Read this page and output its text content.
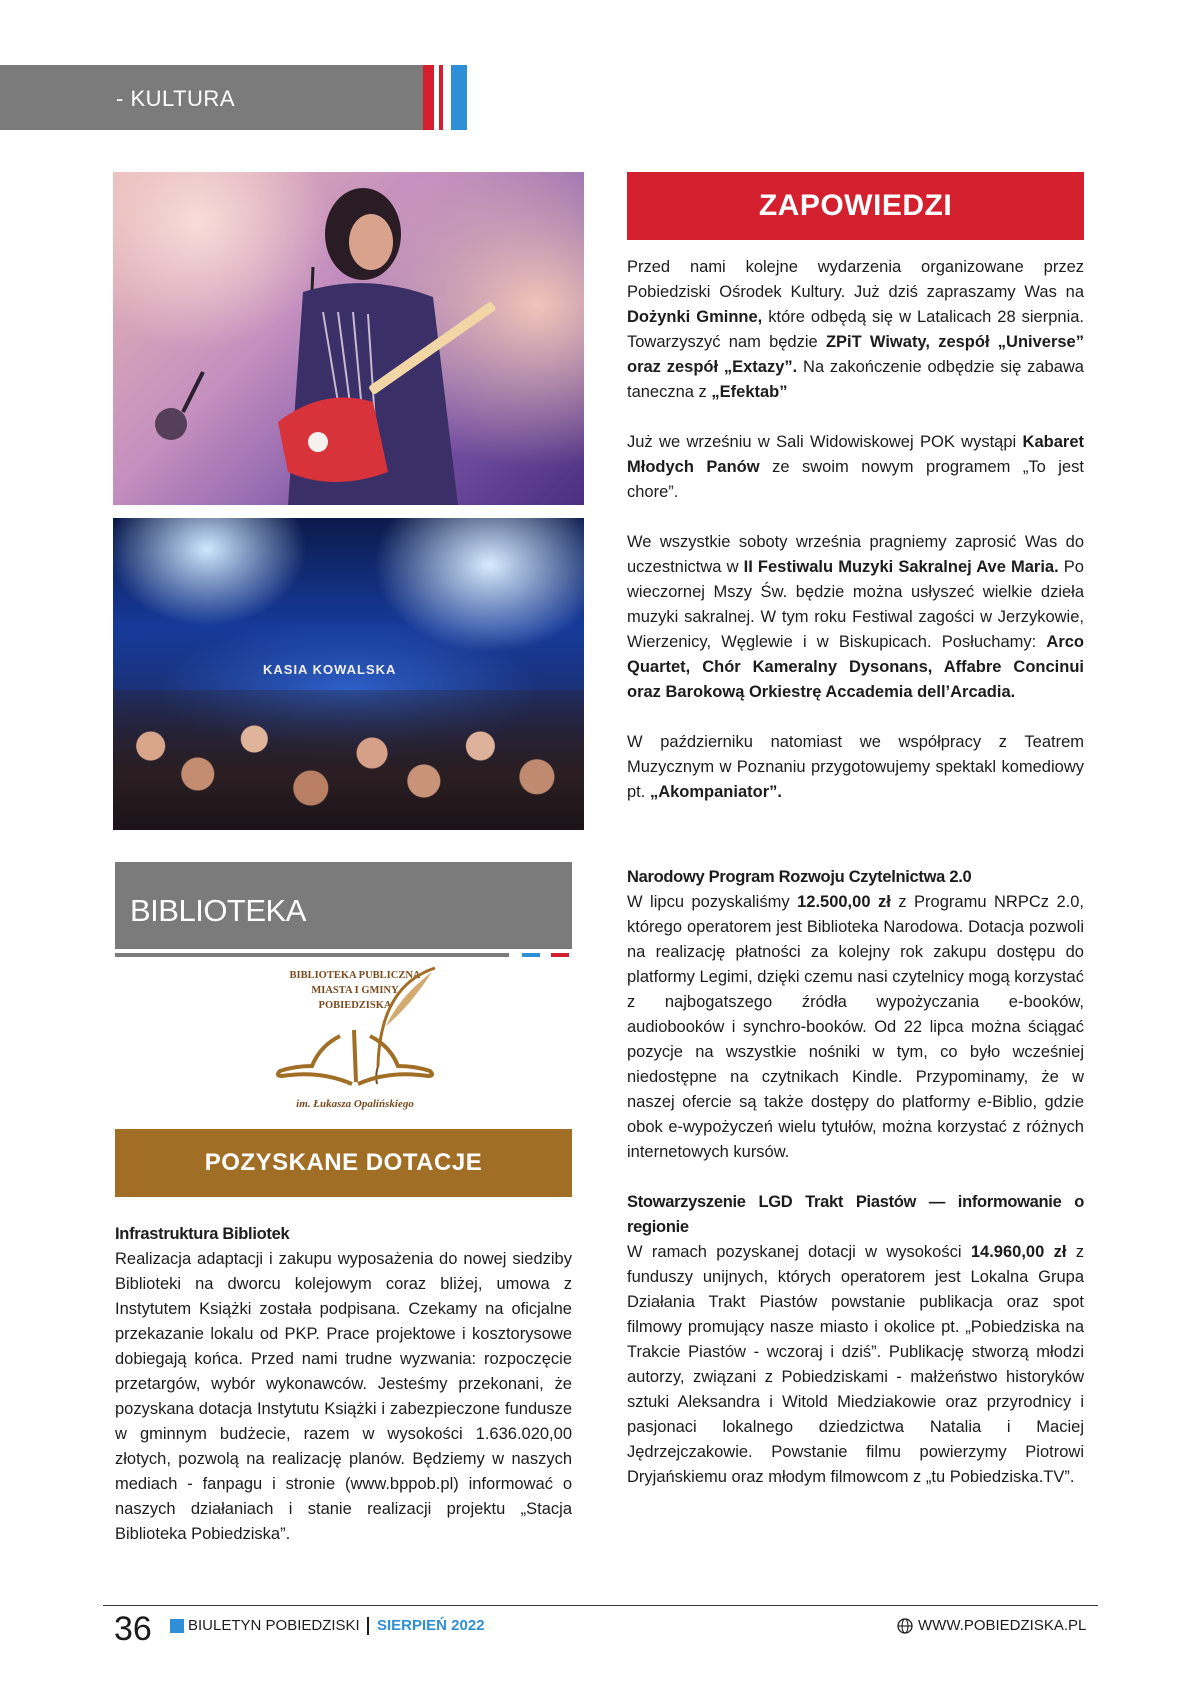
- KULTURA
KASIA KOWALSKA
ZAPOWIEDZI

Przed nami kolejne wydarzenia organizowane przez Pobiedziski Ośrodek Kultury. Już dziś zapraszamy Was na Dożynki Gminne, które odbędą się w Latalicach 28 sierpnia. Towarzyszyć nam będzie ZPiT Wiwaty, zespół „Universe” oraz zespół „Extazy”. Na zakończenie odbędzie się zabawa taneczna z „Efektab”

Już we wrześniu w Sali Widowiskowej POK wystąpi Kabaret Młodych Panów ze swoim nowym programem „To jest chore”.

We wszystkie soboty września pragniemy zaprosić Was do uczestnictwa w II Festiwalu Muzyki Sakralnej Ave Maria. Po wieczornej Mszy Św. będzie można usłyszeć wielkie dzieła muzyki sakralnej. W tym roku Festiwal zagości w Jerzykowie, Wierzenicy, Węglewie i w Biskupicach. Posłuchamy: Arco Quartet, Chór Kameralny Dysonans, Affabre Concinui oraz Barokową Orkiestrę Accademia dell’Arcadia.

W październiku natomiast we współpracy z Teatrem Muzycznym w Poznaniu przygotowujemy spektakl komediowy pt. „Akompaniator”.

BIBLIOTEKA
BIBLIOTEKA PUBLICZNA
MIASTA I GMINY
POBIEDZISKA
im. Łukasza Opalińskiego
POZYSKANE DOTACJE

Infrastruktura Bibliotek

Realizacja adaptacji i zakupu wyposażenia do nowej siedziby Biblioteki na dworcu kolejowym coraz bliżej, umowa z Instytutem Książki została podpisana. Czekamy na oficjalne przekazanie lokalu od PKP. Prace projektowe i kosztorysowe dobiegają końca. Przed nami trudne wyzwania: rozpoczęcie przetargów, wybór wykonawców. Jesteśmy przekonani, że pozyskana dotacja Instytutu Książki i zabezpieczone fundusze w gminnym budżecie, razem w wysokości 1.636.020,00 złotych, pozwolą na realizację planów. Będziemy w naszych mediach - fanpagu i stronie (www.bppob.pl) informować o naszych działaniach i stanie realizacji projektu „Stacja Biblioteka Pobiedziska”.

Narodowy Program Rozwoju Czytelnictwa 2.0

W lipcu pozyskaliśmy 12.500,00 zł z Programu NRPCz 2.0, którego operatorem jest Biblioteka Narodowa. Dotacja pozwoli na realizację płatności za kolejny rok zakupu dostępu do platformy Legimi, dzięki czemu nasi czytelnicy mogą korzystać z najbogatszego źródła wypożyczania e-booków, audiobooków i synchro-booków. Od 22 lipca można ściągać pozycje na wszystkie nośniki w tym, co było wcześniej niedostępne na czytnikach Kindle. Przypominamy, że w naszej ofercie są także dostępy do platformy e-Biblio, gdzie obok e-wypożyczeń wielu tytułów, można korzystać z różnych internetowych kursów.

Stowarzyszenie LGD Trakt Piastów — informowanie o regionie

W ramach pozyskanej dotacji w wysokości 14.960,00 zł z funduszy unijnych, których operatorem jest Lokalna Grupa Działania Trakt Piastów powstanie publikacja oraz spot filmowy promujący nasze miasto i okolice pt. „Pobiedziska na Trakcie Piastów - wczoraj i dziś”. Publikację stworzą młodzi autorzy, związani z Pobiedziskami - małżeństwo historyków sztuki Aleksandra i Witold Miedziakowie oraz przyrodnicy i pasjonaci lokalnego dziedzictwa Natalia i Maciej Jędrzejczakowie. Powstanie filmu powierzymy Piotrowi Dryjańskiemu oraz młodym filmowcom z „tu Pobiedziska.TV”.

36 BIULETYN POBIEDZISKI SIERPIEŃ 2022	WWW.POBIEDZISKA.PL
